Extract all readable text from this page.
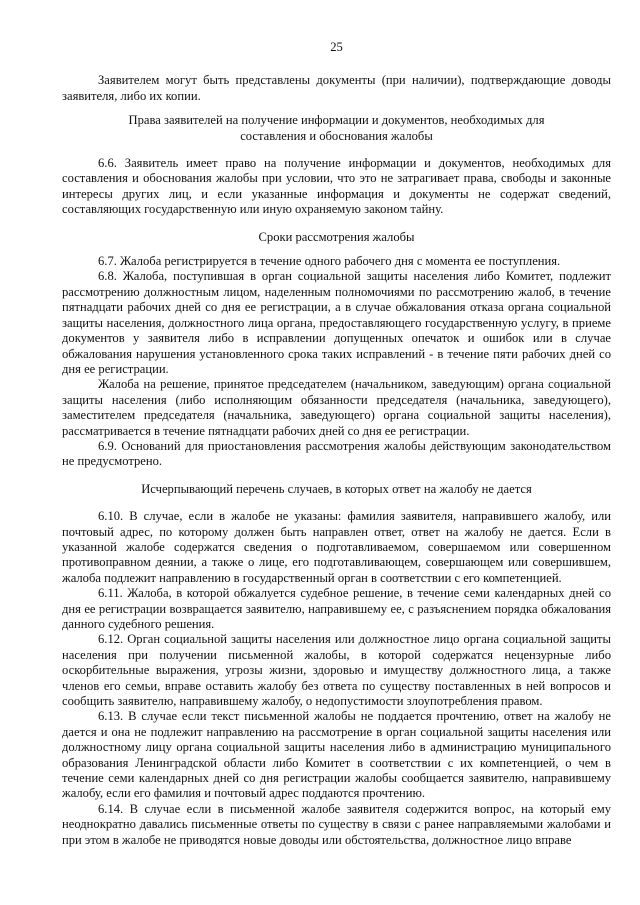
25

Заявителем могут быть представлены документы (при наличии), подтверждающие доводы заявителя, либо их копии.

Права заявителей на получение информации и документов, необходимых для составления и обоснования жалобы

6.6. Заявитель имеет право на получение информации и документов, необходимых для составления и обоснования жалобы при условии, что это не затрагивает права, свободы и законные интересы других лиц, и если указанные информация и документы не содержат сведений, составляющих государственную или иную охраняемую законом тайну.

Сроки рассмотрения жалобы

6.7. Жалоба регистрируется в течение одного рабочего дня с момента ее поступления.

6.8. Жалоба, поступившая в орган социальной защиты населения либо Комитет, подлежит рассмотрению должностным лицом, наделенным полномочиями по рассмотрению жалоб, в течение пятнадцати рабочих дней со дня ее регистрации, а в случае обжалования отказа органа социальной защиты населения, должностного лица органа, предоставляющего государственную услугу, в приеме документов у заявителя либо в исправлении допущенных опечаток и ошибок или в случае обжалования нарушения установленного срока таких исправлений - в течение пяти рабочих дней со дня ее регистрации.

Жалоба на решение, принятое председателем (начальником, заведующим) органа социальной защиты населения (либо исполняющим обязанности председателя (начальника, заведующего), заместителем председателя (начальника, заведующего) органа социальной защиты населения), рассматривается в течение пятнадцати рабочих дней со дня ее регистрации.

6.9. Оснований для приостановления рассмотрения жалобы действующим законодательством не предусмотрено.

Исчерпывающий перечень случаев, в которых ответ на жалобу не дается

6.10. В случае, если в жалобе не указаны: фамилия заявителя, направившего жалобу, или почтовый адрес, по которому должен быть направлен ответ, ответ на жалобу не дается. Если в указанной жалобе содержатся сведения о подготавливаемом, совершаемом или совершенном противоправном деянии, а также о лице, его подготавливающем, совершающем или совершившем, жалоба подлежит направлению в государственный орган в соответствии с его компетенцией.

6.11. Жалоба, в которой обжалуется судебное решение, в течение семи календарных дней со дня ее регистрации возвращается заявителю, направившему ее, с разъяснением порядка обжалования данного судебного решения.

6.12. Орган социальной защиты населения или должностное лицо органа социальной защиты населения при получении письменной жалобы, в которой содержатся нецензурные либо оскорбительные выражения, угрозы жизни, здоровью и имуществу должностного лица, а также членов его семьи, вправе оставить жалобу без ответа по существу поставленных в ней вопросов и сообщить заявителю, направившему жалобу, о недопустимости злоупотребления правом.

6.13. В случае если текст письменной жалобы не поддается прочтению, ответ на жалобу не дается и она не подлежит направлению на рассмотрение в орган социальной защиты населения или должностному лицу органа социальной защиты населения либо в администрацию муниципального образования Ленинградской области либо Комитет в соответствии с их компетенцией, о чем в течение семи календарных дней со дня регистрации жалобы сообщается заявителю, направившему жалобу, если его фамилия и почтовый адрес поддаются прочтению.

6.14. В случае если в письменной жалобе заявителя содержится вопрос, на который ему неоднократно давались письменные ответы по существу в связи с ранее направляемыми жалобами и при этом в жалобе не приводятся новые доводы или обстоятельства, должностное лицо вправе
